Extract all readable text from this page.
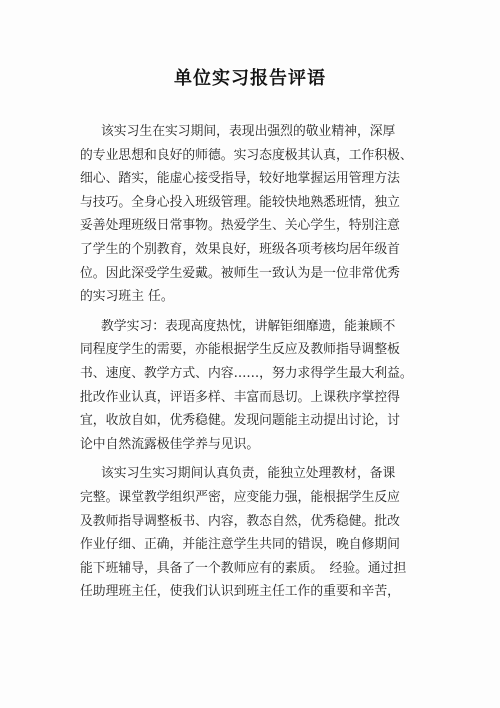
单位实习报告评语
该实习生在实习期间，表现出强烈的敬业精神，深厚
的专业思想和良好的师德。实习态度极其认真，工作积极、
细心、踏实，能虚心接受指导，较好地掌握运用管理方法
与技巧。全身心投入班级管理。能较快地熟悉班情，独立
妥善处理班级日常事物。热爱学生、关心学生，特别注意
了学生的个别教育，效果良好，班级各项考核均居年级首
位。因此深受学生爱戴。被师生一致认为是一位非常优秀
的实习班主 任。
教学实习：表现高度热忱，讲解钜细靡遗，能兼顾不
同程度学生的需要，亦能根据学生反应及教师指导调整板
书、速度、教学方式、内容……，努力求得学生最大利益。
批改作业认真，评语多样、丰富而恳切。上课秩序掌控得
宜，收放自如，优秀稳健。发现问题能主动提出讨论，讨
论中自然流露极佳学养与见识。
该实习生实习期间认真负责，能独立处理教材，备课
完整。课堂教学组织严密，应变能力强，能根据学生反应
及教师指导调整板书、内容，教态自然，优秀稳健。批改
作业仔细、正确，并能注意学生共同的错误，晚自修期间
能下班辅导，具备了一个教师应有的素质。　经验。通过担
任助理班主任，使我们认识到班主任工作的重要和辛苦，
